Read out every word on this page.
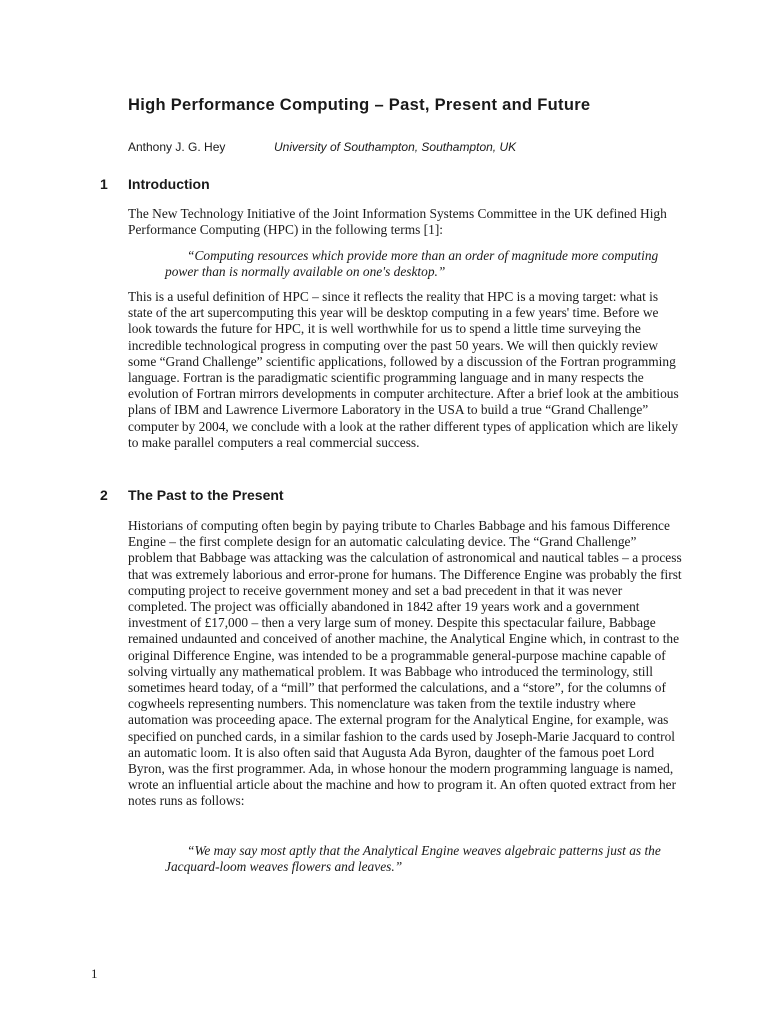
High Performance Computing – Past, Present and Future
Anthony J. G. Hey	University of Southampton, Southampton, UK
1 Introduction

The New Technology Initiative of the Joint Information Systems Committee in the UK defined High Performance Computing (HPC) in the following terms [1]:

“Computing resources which provide more than an order of magnitude more computing power than is normally available on one's desktop.”

This is a useful definition of HPC – since it reflects the reality that HPC is a moving target: what is state of the art supercomputing this year will be desktop computing in a few years' time. Before we look towards the future for HPC, it is well worthwhile for us to spend a little time surveying the incredible technological progress in computing over the past 50 years. We will then quickly review some “Grand Challenge” scientific applications, followed by a discussion of the Fortran programming language. Fortran is the paradigmatic scientific programming language and in many respects the evolution of Fortran mirrors developments in computer architecture. After a brief look at the ambitious plans of IBM and Lawrence Livermore Laboratory in the USA to build a true “Grand Challenge” computer by 2004, we conclude with a look at the rather different types of application which are likely to make parallel computers a real commercial success.

2 The Past to the Present

Historians of computing often begin by paying tribute to Charles Babbage and his famous Difference Engine – the first complete design for an automatic calculating device. The “Grand Challenge” problem that Babbage was attacking was the calculation of astronomical and nautical tables – a process that was extremely laborious and error-prone for humans. The Difference Engine was probably the first computing project to receive government money and set a bad precedent in that it was never completed. The project was officially abandoned in 1842 after 19 years work and a government investment of £17,000 – then a very large sum of money. Despite this spectacular failure, Babbage remained undaunted and conceived of another machine, the Analytical Engine which, in contrast to the original Difference Engine, was intended to be a programmable general-purpose machine capable of solving virtually any mathematical problem. It was Babbage who introduced the terminology, still sometimes heard today, of a “mill” that performed the calculations, and a “store”, for the columns of cogwheels representing numbers. This nomenclature was taken from the textile industry where automation was proceeding apace. The external program for the Analytical Engine, for example, was specified on punched cards, in a similar fashion to the cards used by Joseph-Marie Jacquard to control an automatic loom. It is also often said that Augusta Ada Byron, daughter of the famous poet Lord Byron, was the first programmer. Ada, in whose honour the modern programming language is named, wrote an influential article about the machine and how to program it. An often quoted extract from her notes runs as follows:

“We may say most aptly that the Analytical Engine weaves algebraic patterns just as the Jacquard-loom weaves flowers and leaves.”

1
